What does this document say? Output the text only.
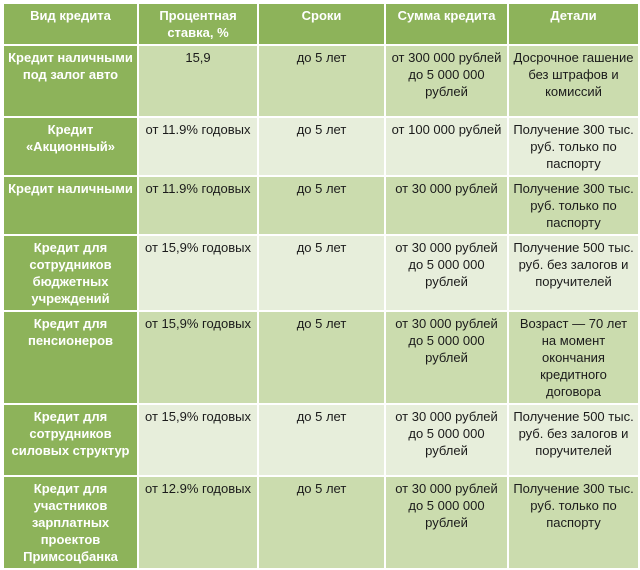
Вид кредита	Процентная ставка, %	Сроки	Сумма кредита	Детали
Кредит наличными под залог авто	15,9	до 5 лет	от 300 000 рублей до 5 000 000 рублей	Досрочное гашение без штрафов и комиссий
Кредит «Акционный»	от 11.9% годовых	до 5 лет	от 100 000 рублей	Получение 300 тыс. руб. только по паспорту
Кредит наличными	от 11.9% годовых	до 5 лет	от 30 000 рублей	Получение 300 тыс. руб. только по паспорту
Кредит для сотрудников бюджетных учреждений	от 15,9% годовых	до 5 лет	от 30 000 рублей до 5 000 000 рублей	Получение 500 тыс. руб. без залогов и поручителей
Кредит для пенсионеров	от 15,9% годовых	до 5 лет	от 30 000 рублей до 5 000 000 рублей	Возраст — 70 лет на момент окончания кредитного договора
Кредит для сотрудников силовых структур	от 15,9% годовых	до 5 лет	от 30 000 рублей до 5 000 000 рублей	Получение 500 тыс. руб. без залогов и поручителей
Кредит для участников зарплатных проектов Примсоцбанка	от 12.9% годовых	до 5 лет	от 30 000 рублей до 5 000 000 рублей	Получение 300 тыс. руб. только по паспорту
